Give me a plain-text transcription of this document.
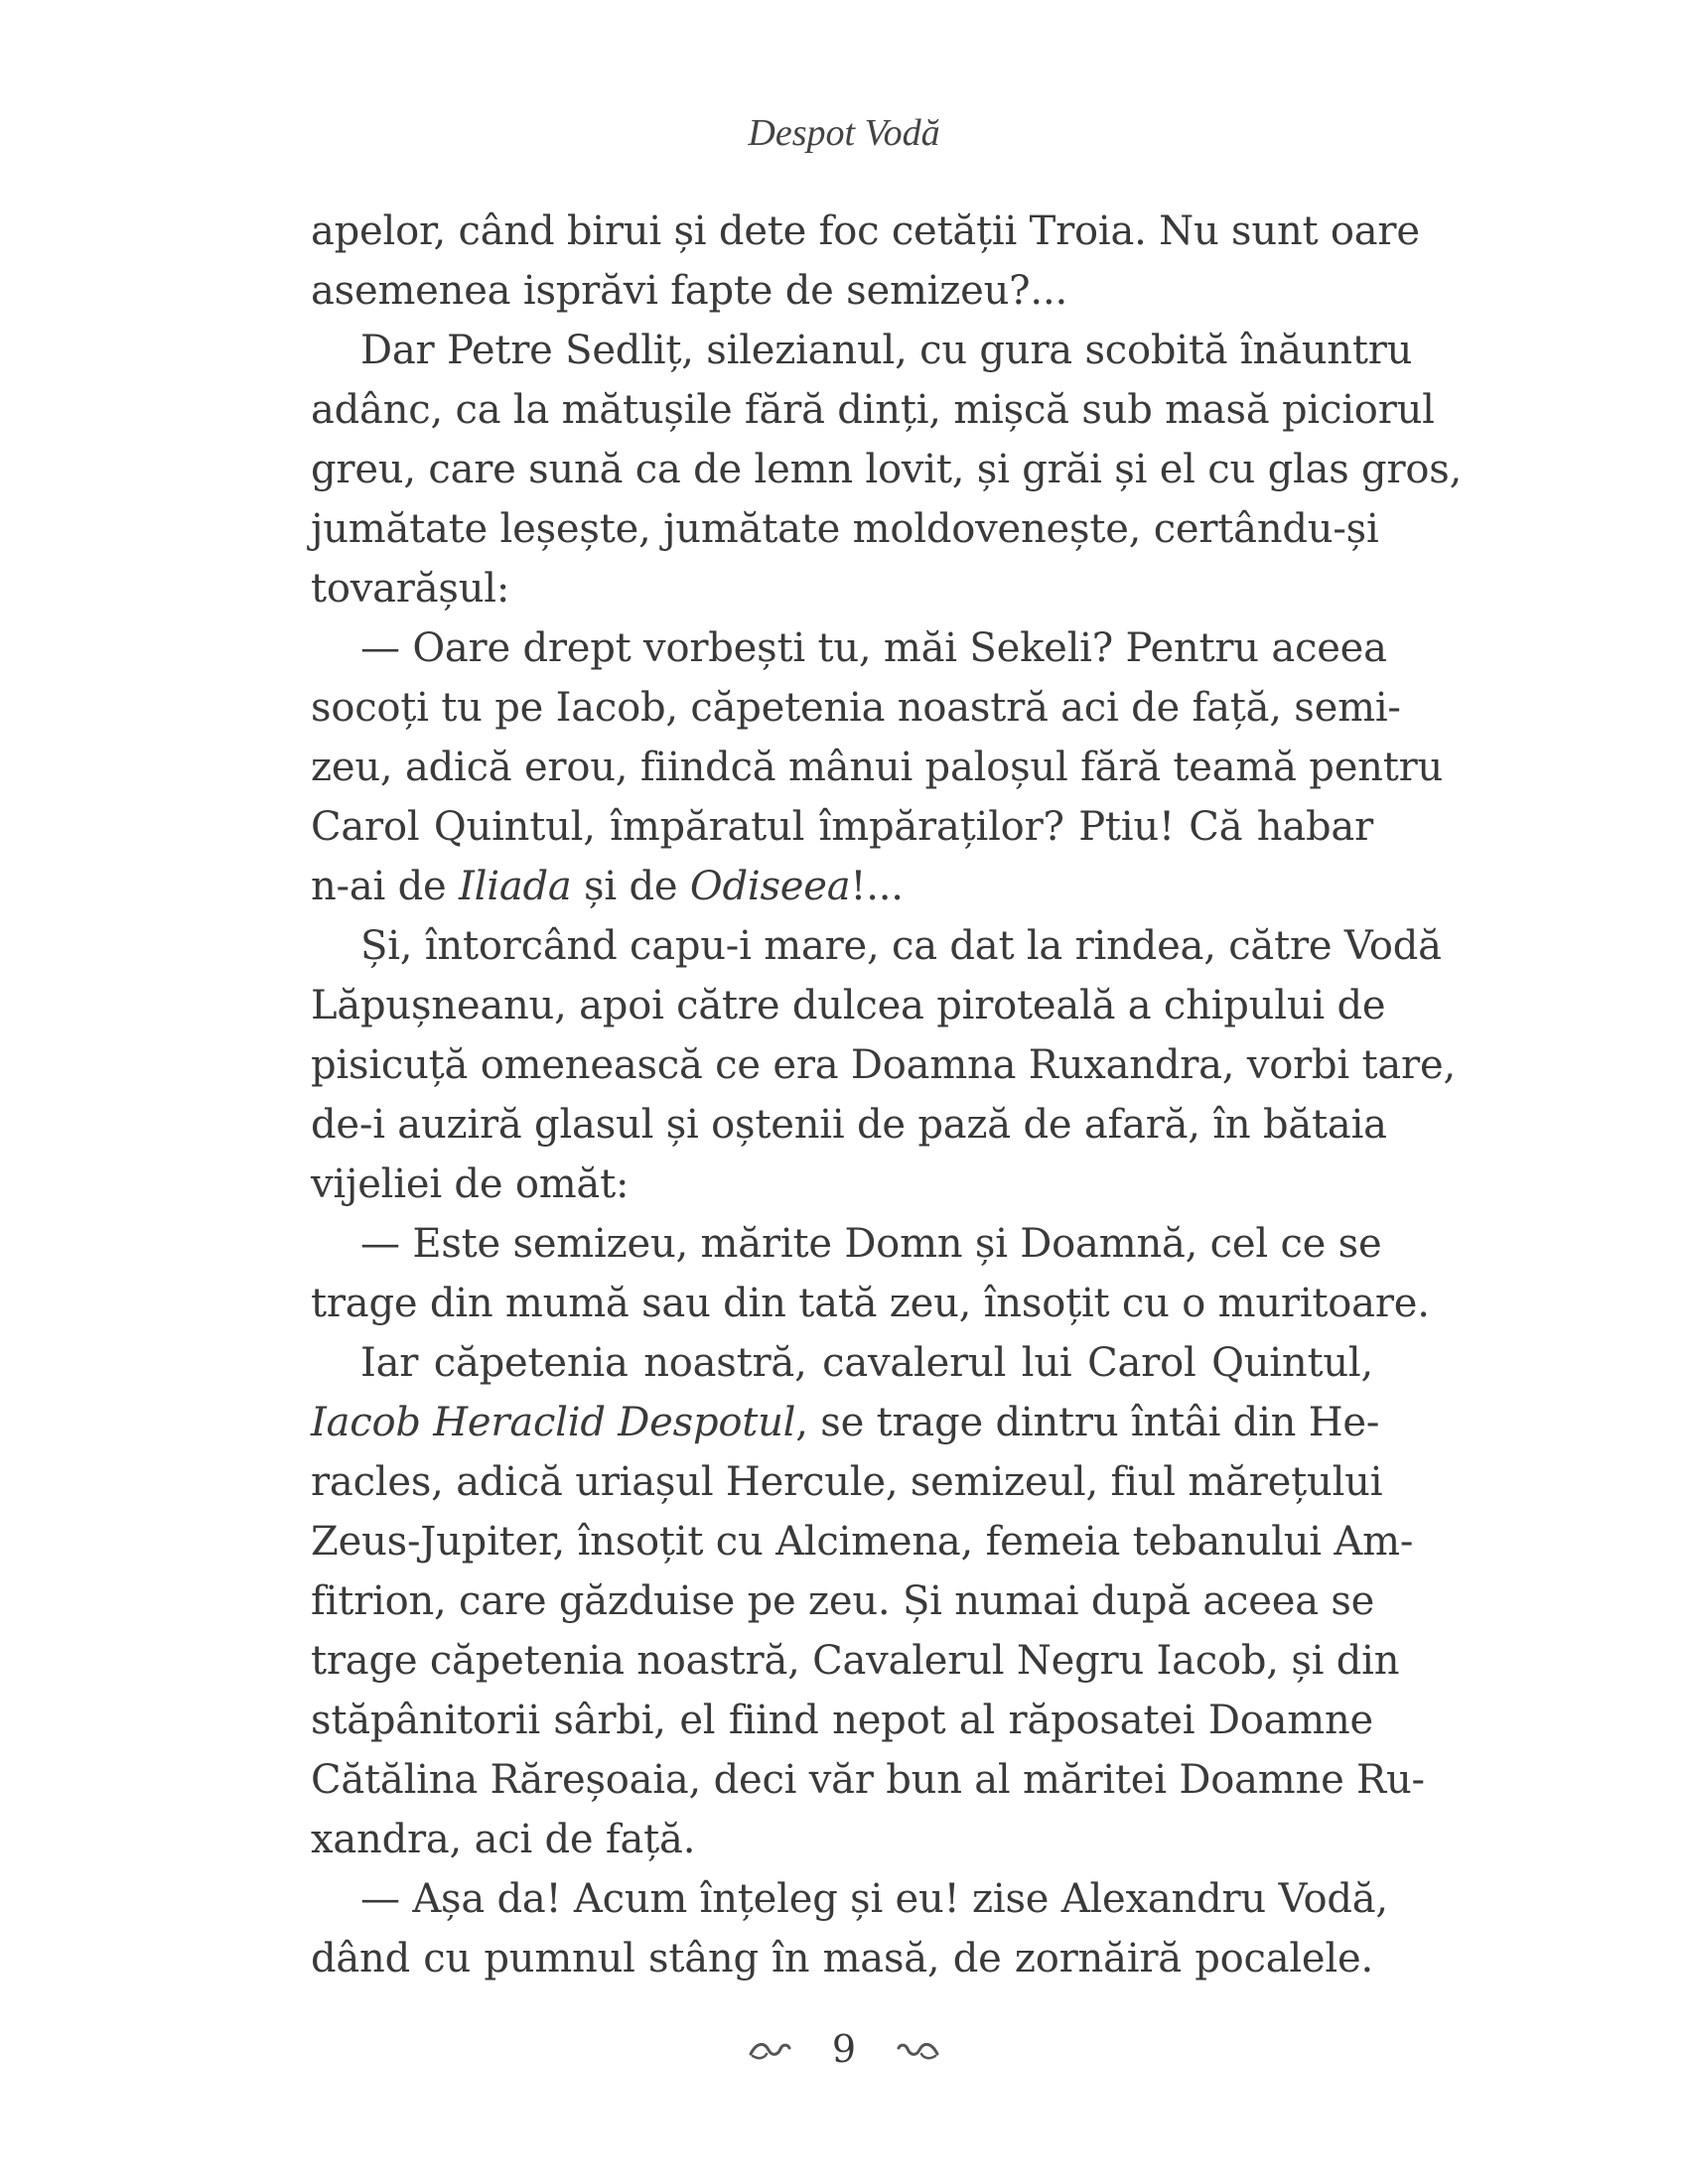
Despot Vodă
apelor, când birui și dete foc cetății Troia. Nu sunt oare
asemenea isprăvi fapte de semizeu?...
Dar Petre Sedliț, silezianul, cu gura scobită înăuntru
adânc, ca la mătușile fără dinți, mișcă sub masă piciorul
greu, care sună ca de lemn lovit, și grăi și el cu glas gros,
jumătate leșește, jumătate moldovenește, certându-și
tovarășul:
— Oare drept vorbești tu, măi Sekeli? Pentru aceea
socoți tu pe Iacob, căpetenia noastră aci de față, semi-
zeu, adică erou, fiindcă mânui paloșul fără teamă pentru
Carol Quintul, împăratul împăraților? Ptiu! Că habar
n-ai de Iliada și de Odiseea!...
Și, întorcând capu-i mare, ca dat la rindea, către Vodă
Lăpușneanu, apoi către dulcea piroteală a chipului de
pisicuță omenească ce era Doamna Ruxandra, vorbi tare,
de-i auziră glasul și oștenii de pază de afară, în bătaia
vijeliei de omăt:
— Este semizeu, mărite Domn și Doamnă, cel ce se
trage din mumă sau din tată zeu, însoțit cu o muritoare.
Iar căpetenia noastră, cavalerul lui Carol Quintul,
Iacob Heraclid Despotul, se trage dintru întâi din He-
racles, adică uriașul Hercule, semizeul, fiul mărețului
Zeus-Jupiter, însoțit cu Alcimena, femeia tebanului Am-
fitrion, care găzduise pe zeu. Și numai după aceea se
trage căpetenia noastră, Cavalerul Negru Iacob, și din
stăpânitorii sârbi, el fiind nepot al răposatei Doamne
Cătălina Rărеșoaia, deci văr bun al măritei Doamne Ru-
xandra, aci de față.
— Așa da! Acum înțeleg și eu! zise Alexandru Vodă,
dând cu pumnul stâng în masă, de zornăiră pocalele.
9
